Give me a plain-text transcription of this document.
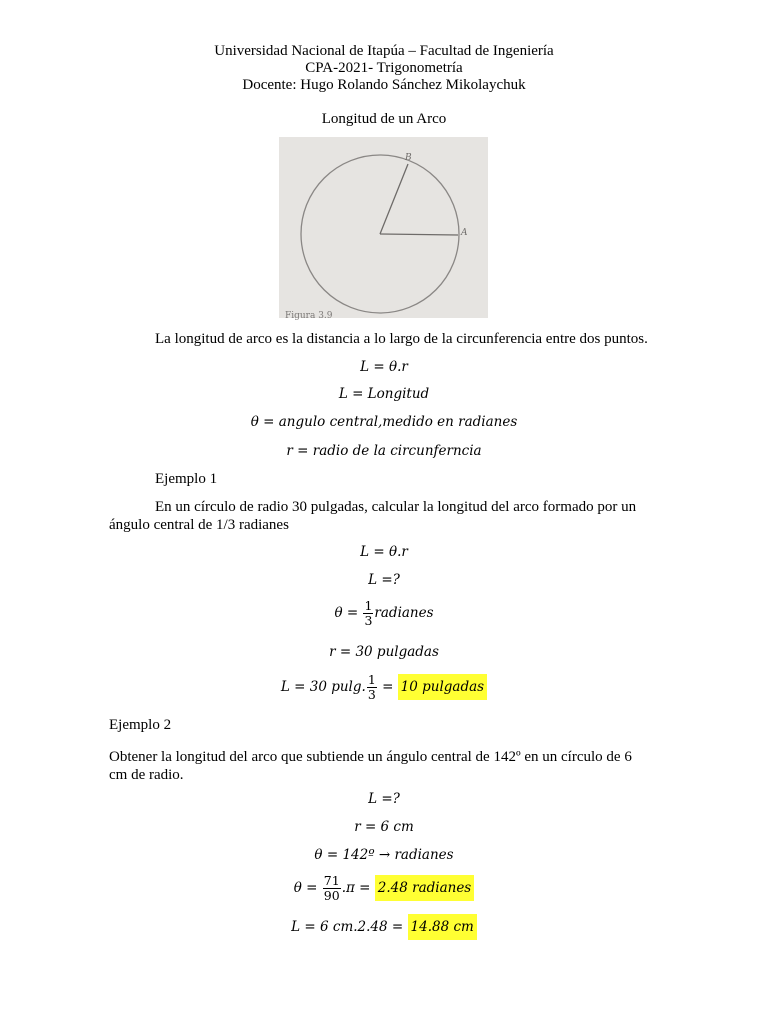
Universidad Nacional de Itapúa – Facultad de Ingeniería
CPA-2021- Trigonometría
Docente: Hugo Rolando Sánchez Mikolaychuk
Longitud de un Arco
B
A
Figura 3.9
La longitud de arco es la distancia a lo largo de la circunferencia entre dos puntos.
L = θ.r
L = Longitud
θ = angulo central,medido en radianes
r = radio de la circunferncia
Ejemplo 1
En un círculo de radio 30 pulgadas, calcular la longitud del arco formado por un
ángulo central de 1/3 radianes
L = θ.r
L =?
$\theta = \frac{1}{3}$ radianes
r = 30 pulgadas
L = 30 pulg. $\frac{1}{3} = 10$ pulgadas
Ejemplo 2
Obtener la longitud del arco que subtiende un ángulo central de 142º en un círculo de 6
cm de radio.
L =?
r = 6 cm
θ = 142º → radianes
$\theta = \frac{71}{90} .\pi = 2.48$ radianes
L = 6 cm.2.48 = 14.88 cm
